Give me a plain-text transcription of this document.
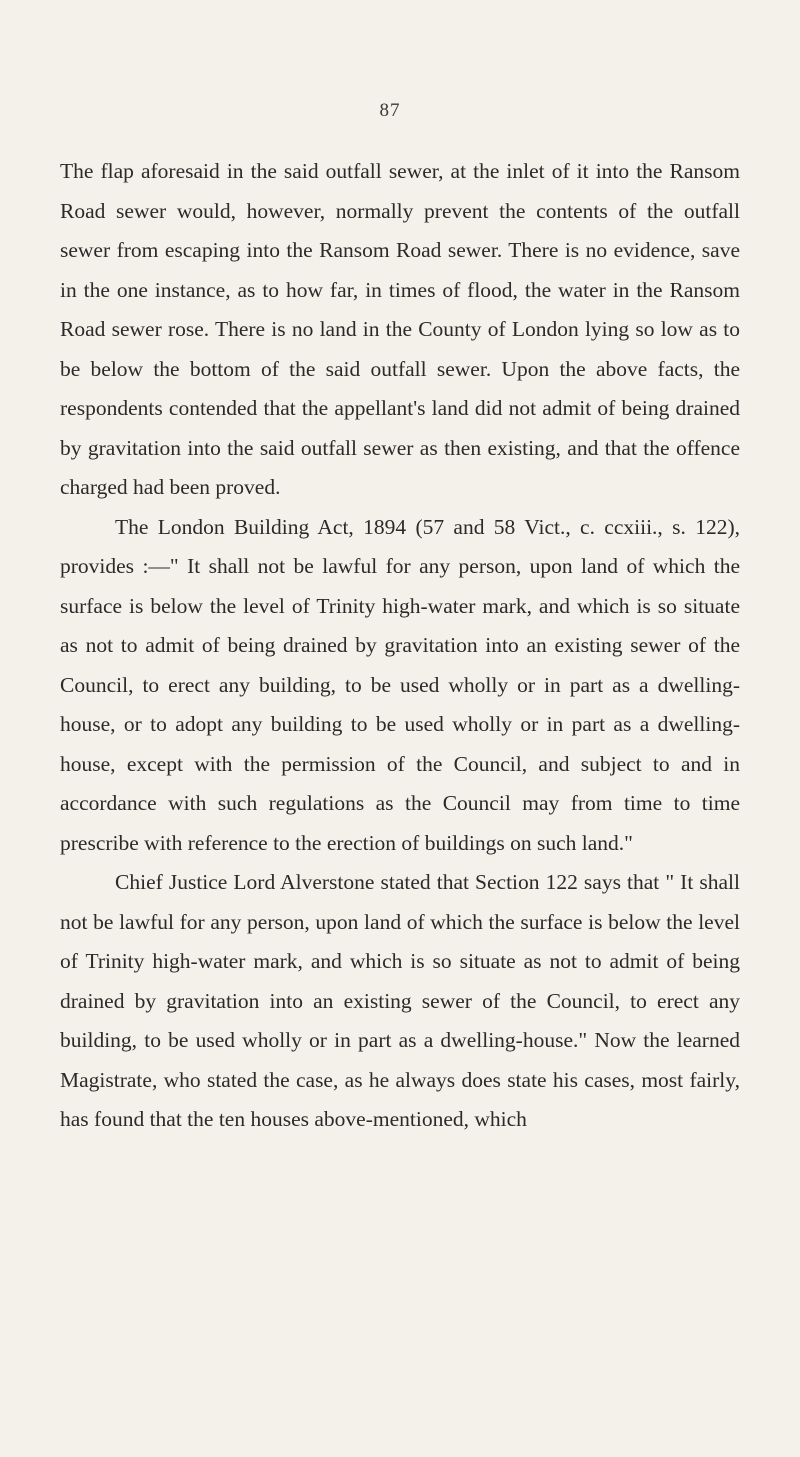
87

The flap aforesaid in the said outfall sewer, at the inlet of it into the Ransom Road sewer would, however, normally prevent the contents of the outfall sewer from escaping into the Ransom Road sewer. There is no evidence, save in the one instance, as to how far, in times of flood, the water in the Ransom Road sewer rose. There is no land in the County of London lying so low as to be below the bottom of the said outfall sewer. Upon the above facts, the respondents contended that the appellant's land did not admit of being drained by gravitation into the said outfall sewer as then existing, and that the offence charged had been proved.

The London Building Act, 1894 (57 and 58 Vict., c. ccxiii., s. 122), provides :—" It shall not be lawful for any person, upon land of which the surface is below the level of Trinity high-water mark, and which is so situate as not to admit of being drained by gravitation into an existing sewer of the Council, to erect any building, to be used wholly or in part as a dwelling-house, or to adopt any building to be used wholly or in part as a dwelling-house, except with the permission of the Council, and subject to and in accordance with such regulations as the Council may from time to time prescribe with reference to the erection of buildings on such land."

Chief Justice Lord Alverstone stated that Section 122 says that " It shall not be lawful for any person, upon land of which the surface is below the level of Trinity high-water mark, and which is so situate as not to admit of being drained by gravitation into an existing sewer of the Council, to erect any building, to be used wholly or in part as a dwelling-house." Now the learned Magistrate, who stated the case, as he always does state his cases, most fairly, has found that the ten houses above-mentioned, which
